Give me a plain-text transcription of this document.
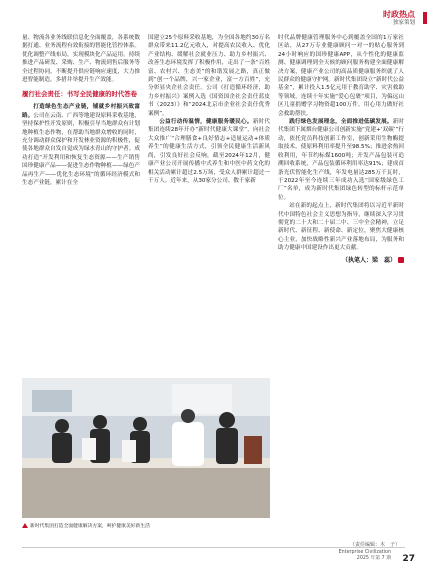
时政热点
独家策划

量、物流各业务线联信息化全面覆盖，各系统数据打通、业务流程有效衔接的智能化管控体系。优化调整产线布局，实现模块化产品运用。持续推进产品研发、采购、生产、物流到售后服务等全过程协同，不断提升供应链响应速度，大力推进智能制造，多措并举提升生产效能。

履行社会责任：书写全民健康的时代答卷

打造绿色生态产业链，铺就乡村振兴致富路。公司在云南、广西等地建设原料采收基地，坚持保护性开发原则，积极引导当地群众有计划地种植生态作物，在帮助当地群众增收的同时，充分调动群众保护和开发林业资源的积极性，促使各地群众自发自觉成为绿水青山的守护者。成功打造“开发利用和恢复生态资源——生产销售国珍健康产品——促进生态作物种植——绿色产品再生产——优化生态环境”的循环经济模式和生态产业链，累计在全

国建立25个原料采收基地，为全国各地约30万名群众带来11.2亿元收入，对提高农民收入、优化产业结构、缓解社会就业压力、助力乡村振兴、改善生态环境发挥了积极作用，走出了一条“百姓富、农村兴、生态美”的和谐发展之路，真正做到“创一个品牌，兴一家企业，富一方百姓”，充分彰显央企社会责任。公司《打造循环经济，助力乡村振兴》案例入选《国资国企社会责任蓝皮书（2023）》和“2024北京市企业社会责任优秀案例”。

公益行动传温情，健康服务暖民心。新时代集团连续28年开办“新时代健康大课堂”，向社会大众推广“合理膳食+良好情志+适量运动+体质养生”的健康生活方式，引领全民健康生活新风尚，引发良好社会反响，截至2024年12月，健康产业公司开展传播中式养生和中医中药文化的相关活动累计超过2.5万场，受众人群累计超过一千万人。近年来，从30家分公司、数千家新

时代品牌健康管理服务中心到覆盖全国的1万家社区站，从27万专业健康顾问一对一的贴心服务到24小时响应的国珍健康APP，从个性化的健康监测、健康调理到全天候的顾问服务构建全面健康解决方案，健康产业公司的高品质健康服务织就了人民群众的健康守护网。新时代集团设立“新时代公益基金”，累计投入1.5亿元用于教育助学、灾害救助等领域，连续十年实施“爱心包裹”项目，为偏远山区儿童捐赠学习物资超100万件，用心用力做好社会救助帮扶。

践行绿色发展理念，全面推进低碳发展。新时代集团下属烟台健康公司创新实施“党建+‘双碳’”行动，依托党员科技创新工作室，创新采用生物酶提取技术，使原料利用率提升至98.5%；推进余热回收利用，年节约标煤1600吨；开发产品包装可追溯回收系统，产品包装循环利用率达91%；建成首条光伏智能化生产线，年发电量达285万千瓦时，于2022年至今连续三年成功入选“国家级绿色工厂”名单，成为新时代集团绿色转型的标杆示范单位。

站在新的起点上，新时代集团将以习近平新时代中国特色社会主义思想为指导，继续深入学习贯彻党的二十大和二十届二中、三中全会精神，立足新时代、新征程、新使命、新定位，聚焦大健康核心主业，加快战略性新兴产业落地布局，为服务和助力健康中国建设作出更大贡献。

（执笔人：梁　蕊）
新时代集团打造全面健康解决方案，呵护健康美好新生活
（责任编辑：木　子）
Enterprise Civilization
2025 年第 7 期 27
